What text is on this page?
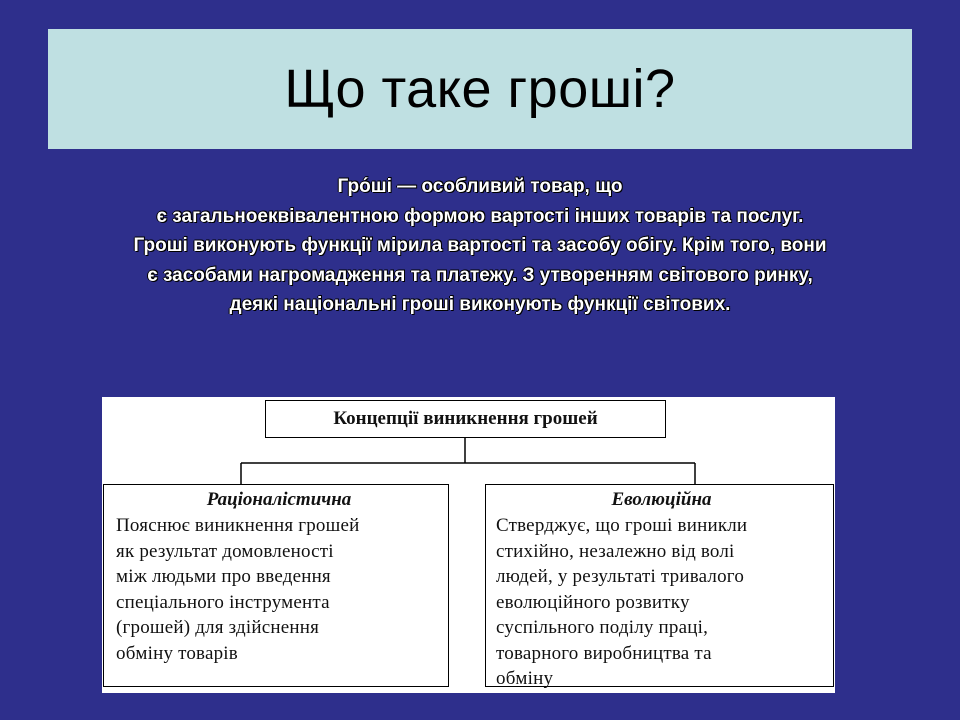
Що таке гроші?

Гро́ші — особливий товар, що

є загальноеквівалентною формою вартості інших товарів та послуг.

Гроші виконують функції мірила вартості та засобу обігу. Крім того, вони

є засобами нагромадження та платежу. З утворенням світового ринку,

деякі національні гроші виконують функції світових.

Концепції виникнення грошей
Раціоналістична

Пояснює виникнення грошей

як результат домовленості

між людьми про введення

спеціального інструмента

(грошей) для здійснення

обміну товарів

Еволюційна

Стверджує, що гроші виникли

стихійно, незалежно від волі

людей, у результаті тривалого

еволюційного розвитку

суспільного поділу праці,

товарного виробництва та

обміну
